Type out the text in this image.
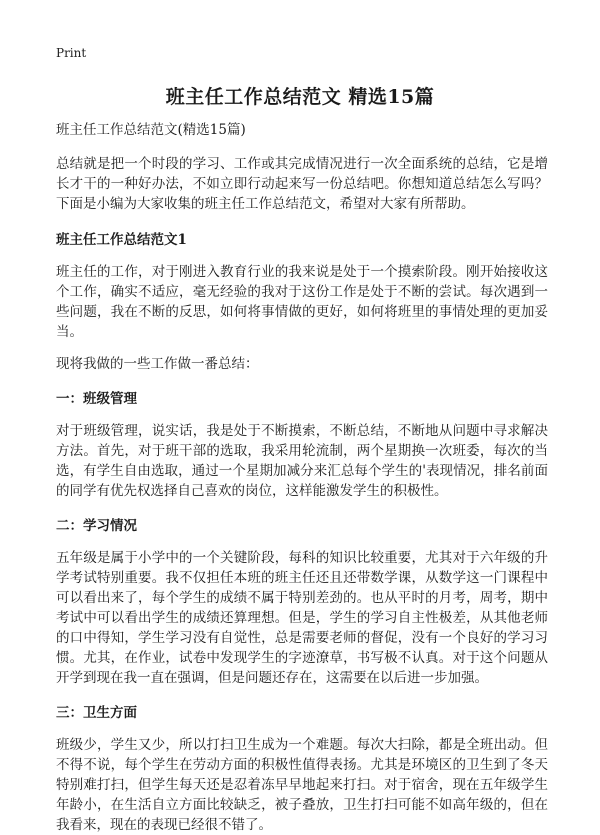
Print
班主任工作总结范文 精选15篇

班主任工作总结范文(精选15篇)

总结就是把一个时段的学习、工作或其完成情况进行一次全面系统的总结，它是增长才干的一种好办法，不如立即行动起来写一份总结吧。你想知道总结怎么写吗？下面是小编为大家收集的班主任工作总结范文，希望对大家有所帮助。

班主任工作总结范文1

班主任的工作，对于刚进入教育行业的我来说是处于一个摸索阶段。刚开始接收这个工作，确实不适应，毫无经验的我对于这份工作是处于不断的尝试。每次遇到一些问题，我在不断的反思，如何将事情做的更好，如何将班里的事情处理的更加妥当。

现将我做的一些工作做一番总结：

一：班级管理

对于班级管理，说实话，我是处于不断摸索，不断总结，不断地从问题中寻求解决方法。首先，对于班干部的选取，我采用轮流制，两个星期换一次班委，每次的当选，有学生自由选取，通过一个星期加减分来汇总每个学生的'表现情况，排名前面的同学有优先权选择自己喜欢的岗位，这样能激发学生的积极性。

二：学习情况

五年级是属于小学中的一个关键阶段，每科的知识比较重要，尤其对于六年级的升学考试特别重要。我不仅担任本班的班主任还且还带数学课，从数学这一门课程中可以看出来了，每个学生的成绩不属于特别差劲的。也从平时的月考，周考，期中考试中可以看出学生的成绩还算理想。但是，学生的学习自主性极差，从其他老师的口中得知，学生学习没有自觉性，总是需要老师的督促，没有一个良好的学习习惯。尤其，在作业，试卷中发现学生的字迹潦草，书写极不认真。对于这个问题从开学到现在我一直在强调，但是问题还存在，这需要在以后进一步加强。

三：卫生方面

班级少，学生又少，所以打扫卫生成为一个难题。每次大扫除，都是全班出动。但不得不说，每个学生在劳动方面的积极性值得表扬。尤其是环境区的卫生到了冬天特别难打扫，但学生每天还是忍着冻早早地起来打扫。对于宿舍，现在五年级学生年龄小，在生活自立方面比较缺乏，被子叠放，卫生打扫可能不如高年级的，但在我看来，现在的表现已经很不错了。
